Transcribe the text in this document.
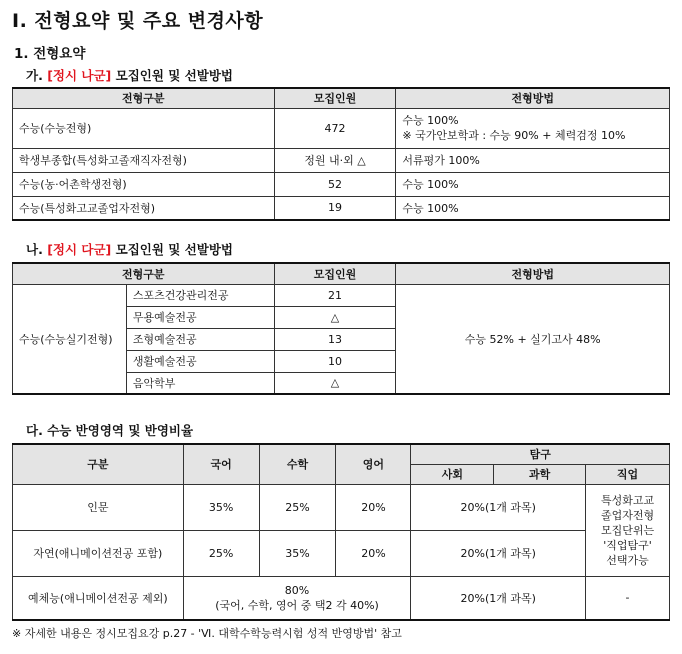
Ⅰ. 전형요약 및 주요 변경사항
1. 전형요약
가. [정시 나군] 모집인원 및 선발방법
전형구분	모집인원	전형방법
수능(수능전형)	472	수능 100%
※ 국가안보학과 : 수능 90% + 체력검정 10%

학생부종합(특성화고졸재직자전형)	정원 내·외 △	서류평가 100%
수능(농·어촌학생전형)	52	수능 100%
수능(특성화고교졸업자전형)	19	수능 100%
나. [정시 다군] 모집인원 및 선발방법
전형구분		모집인원	전형방법
수능(수능실기전형)	스포츠건강관리전공	21	수능 52% + 실기고사 48%
	무용예술전공	△	
	조형예술전공	13	
	생활예술전공	10	
	음악학부	△	
다. 수능 반영영역 및 반영비율
구분	국어	수학	영어	탐구		
				사회	과학	직업
인문	35%	25%	20%	20%(1개 과목)		특성화고교
졸업자전형
모집단위는
'직업탐구'
선택가능

자연(애니메이션전공 포함)	25%	35%	20%	20%(1개 과목)		
예체능(애니메이션전공 제외)	80%
(국어, 수학, 영어 중 택2 각 40%)			20%(1개 과목)		-
※ 자세한 내용은 정시모집요강 p.27 - 'Ⅵ. 대학수학능력시험 성적 반영방법' 참고
